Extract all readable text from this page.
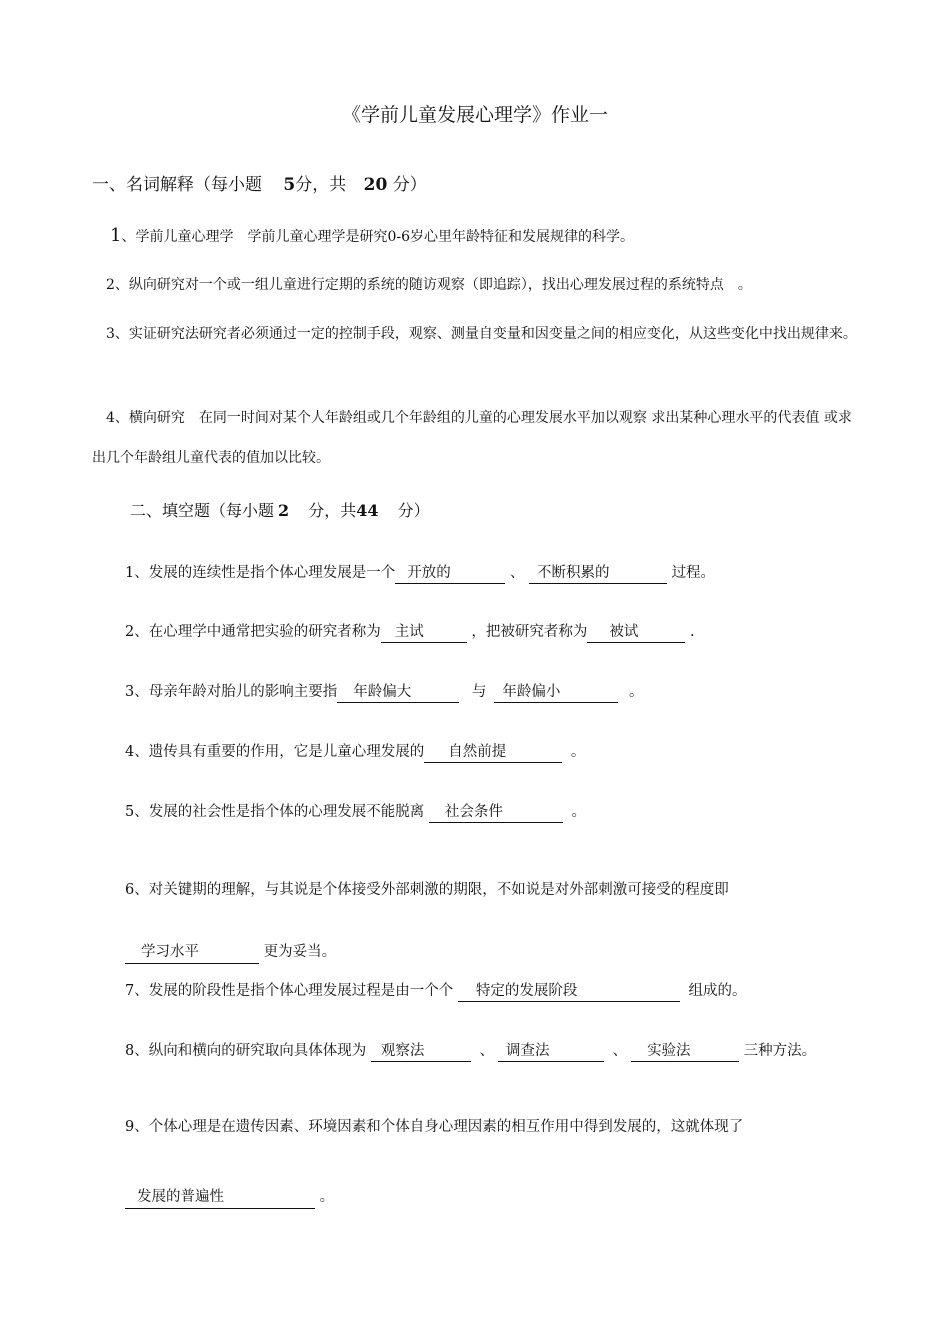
《学前儿童发展心理学》作业一
一、名词解释（每小题 5分，共 20 分）
1、学前儿童心理学　学前儿童心理学是研究0-6岁心里年龄特征和发展规律的科学。
2、纵向研究对一个或一组儿童进行定期的系统的随访观察（即追踪），找出心理发展过程的系统特点　。
3、实证研究法研究者必须通过一定的控制手段，观察、测量自变量和因变量之间的相应变化，从这些变化中找出规律来。
4、横向研究　在同一时间对某个人年龄组或几个年龄组的儿童的心理发展水平加以观察 求出某种心理水平的代表值 或求出几个年龄组儿童代表的值加以比较。
二、填空题（每小题 2 分，共44 分）
1、发展的连续性是指个体心理发展是一个 开放的	、 不断积累的	过程。
2、在心理学中通常把实验的研究者称为 主试	，把被研究者称为 被试	.
3、母亲年龄对胎儿的影响主要指 年龄偏大	与 年龄偏小	。
4、遗传具有重要的作用，它是儿童心理发展的 自然前提	。
5、发展的社会性是指个体的心理发展不能脱离 社会条件	。
6、对关键期的理解，与其说是个体接受外部刺激的期限，不如说是对外部刺激可接受的程度即 学习水平	更为妥当。
7、发展的阶段性是指个体心理发展过程是由一个个 特定的发展阶段	组成的。
8、纵向和横向的研究取向具体体现为 观察法	、 调查法	、 实验法	三种方法。
9、个体心理是在遗传因素、环境因素和个体自身心理因素的相互作用中得到发展的，这就体现了 发展的普遍性	。
